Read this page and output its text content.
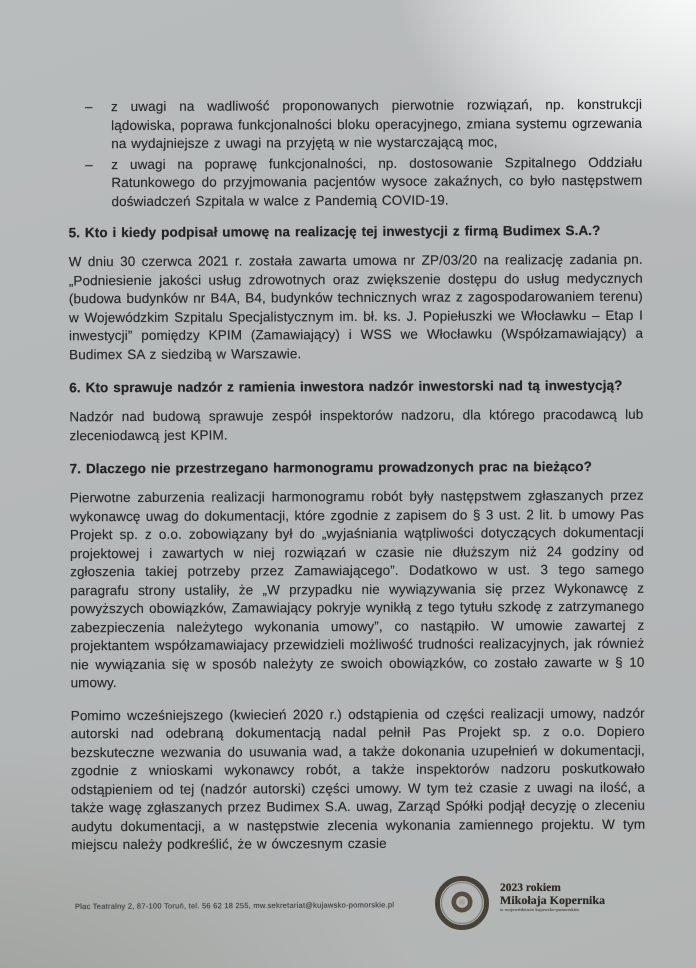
– z uwagi na wadliwość proponowanych pierwotnie rozwiązań, np. konstrukcji lądowiska, poprawa funkcjonalności bloku operacyjnego, zmiana systemu ogrzewania na wydajniejsze z uwagi na przyjętą w nie wystarczającą moc,
– z uwagi na poprawę funkcjonalności, np. dostosowanie Szpitalnego Oddziału Ratunkowego do przyjmowania pacjentów wysoce zakaźnych, co było następstwem doświadczeń Szpitala w walce z Pandemią COVID-19.
5. Kto i kiedy podpisał umowę na realizację tej inwestycji z firmą Budimex S.A.?

W dniu 30 czerwca 2021 r. została zawarta umowa nr ZP/03/20 na realizację zadania pn. „Podniesienie jakości usług zdrowotnych oraz zwiększenie dostępu do usług medycznych (budowa budynków nr B4A, B4, budynków technicznych wraz z zagospodarowaniem terenu) w Wojewódzkim Szpitalu Specjalistycznym im. bł. ks. J. Popiełuszki we Włocławku – Etap I inwestycji” pomiędzy KPIM (Zamawiający) i WSS we Włocławku (Współzamawiający) a Budimex SA z siedzibą w Warszawie.

6. Kto sprawuje nadzór z ramienia inwestora nadzór inwestorski nad tą inwestycją?

Nadzór nad budową sprawuje zespół inspektorów nadzoru, dla którego pracodawcą lub zleceniodawcą jest KPIM.

7. Dlaczego nie przestrzegano harmonogramu prowadzonych prac na bieżąco?

Pierwotne zaburzenia realizacji harmonogramu robót były następstwem zgłaszanych przez wykonawcę uwag do dokumentacji, które zgodnie z zapisem do § 3 ust. 2 lit. b umowy Pas Projekt sp. z o.o. zobowiązany był do „wyjaśniania wątpliwości dotyczących dokumentacji projektowej i zawartych w niej rozwiązań w czasie nie dłuższym niż 24 godziny od zgłoszenia takiej potrzeby przez Zamawiającego”. Dodatkowo w ust. 3 tego samego paragrafu strony ustaliły, że „W przypadku nie wywiązywania się przez Wykonawcę z powyższych obowiązków, Zamawiający pokryje wynikłą z tego tytułu szkodę z zatrzymanego zabezpieczenia należytego wykonania umowy”, co nastąpiło. W umowie zawartej z projektantem współzamawiajacy przewidzieli możliwość trudności realizacyjnych, jak również nie wywiązania się w sposób należyty ze swoich obowiązków, co zostało zawarte w § 10 umowy.

Pomimo wcześniejszego (kwiecień 2020 r.) odstąpienia od części realizacji umowy, nadzór autorski nad odebraną dokumentacją nadal pełnił Pas Projekt sp. z o.o. Dopiero bezskuteczne wezwania do usuwania wad, a także dokonania uzupełnień w dokumentacji, zgodnie z wnioskami wykonawcy robót, a także inspektorów nadzoru poskutkowało odstąpieniem od tej (nadzór autorski) części umowy. W tym też czasie z uwagi na ilość, a także wagę zgłaszanych przez Budimex S.A. uwag, Zarząd Spółki podjął decyzję o zleceniu audytu dokumentacji, a w następstwie zlecenia wykonania zamiennego projektu. W tym miejscu należy podkreślić, że w ówczesnym czasie

Plac Teatralny 2, 87-100 Toruń, tel. 56 62 18 255, mw.sekretariat@kujawsko-pomorskie.pl
2023 rokiem
Mikołaja Kopernika
w województwie kujawsko-pomorskim
